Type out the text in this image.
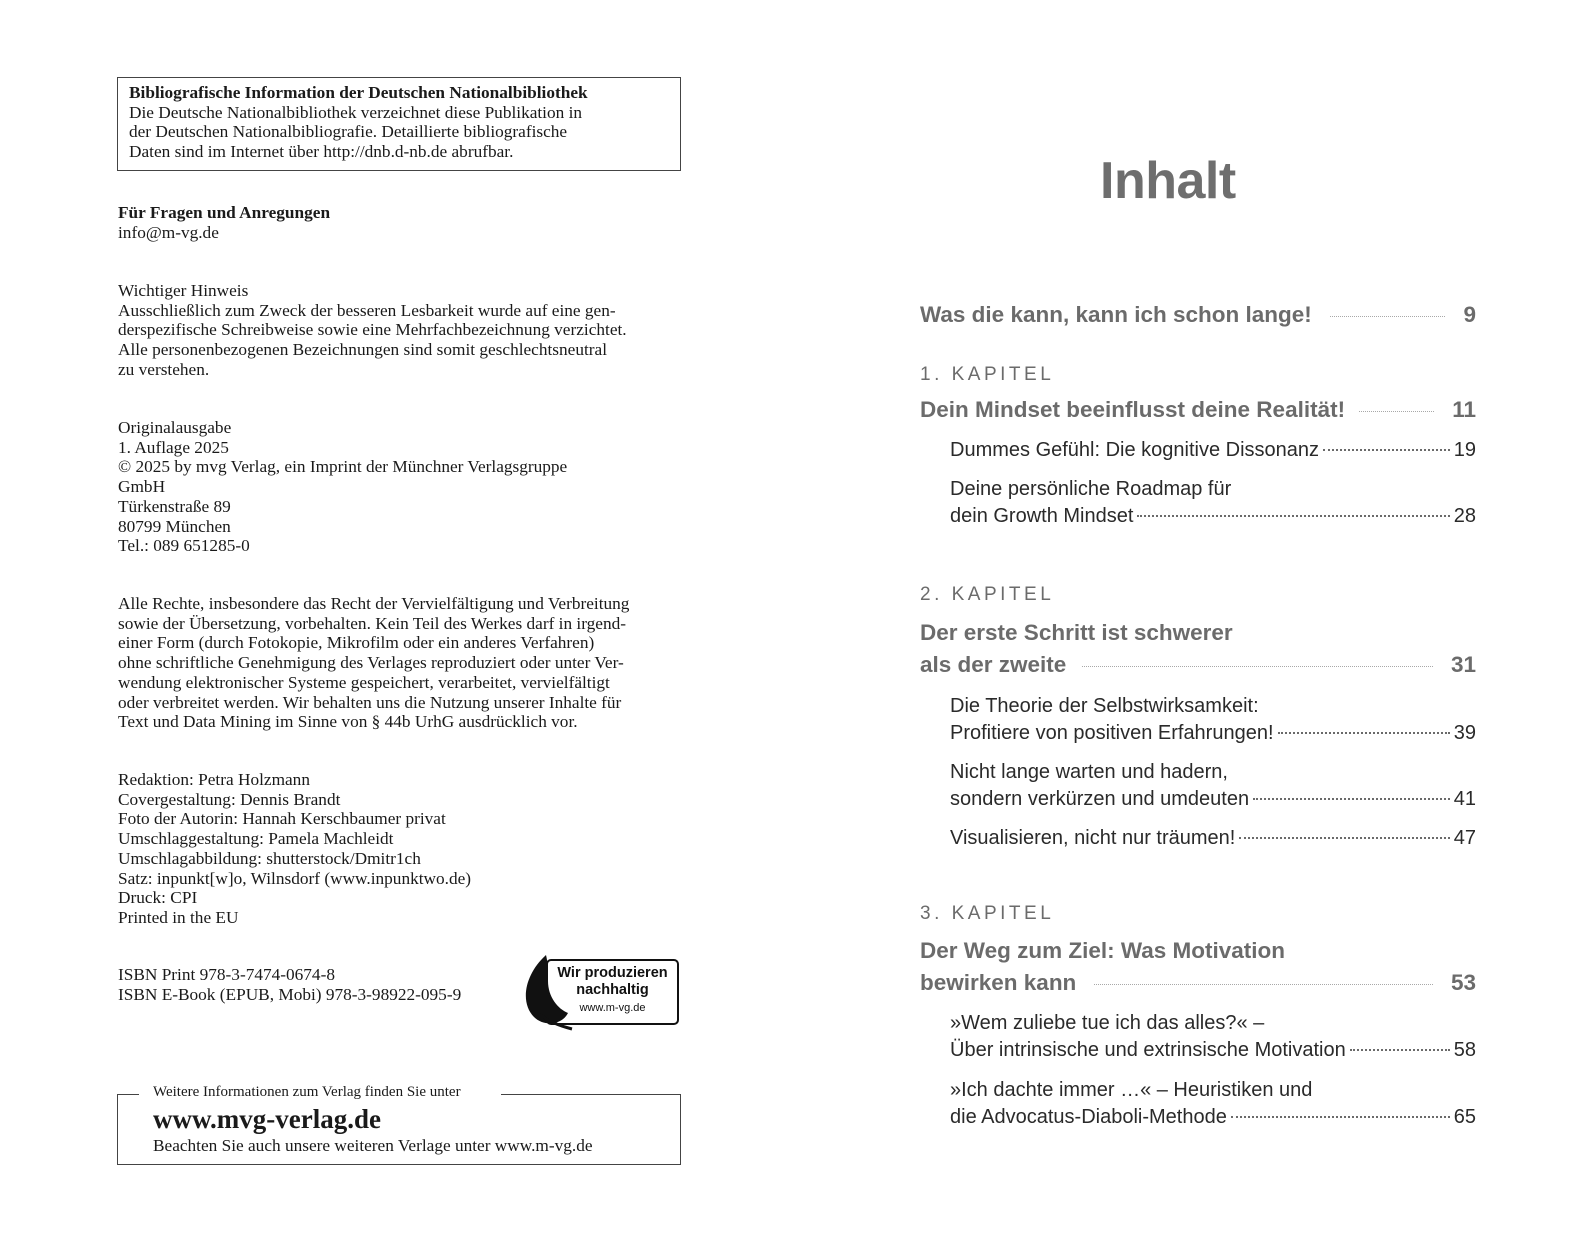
Bibliografische Information der Deutschen Nationalbibliothek
Die Deutsche Nationalbibliothek verzeichnet diese Publikation in
der Deutschen Nationalbibliografie. Detaillierte bibliografische
Daten sind im Internet über http://dnb.d-nb.de abrufbar.
Für Fragen und Anregungen
info@m-vg.de
Wichtiger Hinweis
Ausschließlich zum Zweck der besseren Lesbarkeit wurde auf eine gen-
derspezifische Schreibweise sowie eine Mehrfachbezeichnung verzichtet.
Alle personenbezogenen Bezeichnungen sind somit geschlechtsneutral
zu verstehen.
Originalausgabe
1. Auflage 2025
© 2025 by mvg Verlag, ein Imprint der Münchner Verlagsgruppe
GmbH
Türkenstraße 89
80799 München
Tel.: 089 651285-0
Alle Rechte, insbesondere das Recht der Vervielfältigung und Verbreitung
sowie der Übersetzung, vorbehalten. Kein Teil des Werkes darf in irgend-
einer Form (durch Fotokopie, Mikrofilm oder ein anderes Verfahren)
ohne schriftliche Genehmigung des Verlages reproduziert oder unter Ver-
wendung elektronischer Systeme gespeichert, verarbeitet, vervielfältigt
oder verbreitet werden. Wir behalten uns die Nutzung unserer Inhalte für
Text und Data Mining im Sinne von § 44b UrhG ausdrücklich vor.
Redaktion: Petra Holzmann
Covergestaltung: Dennis Brandt
Foto der Autorin: Hannah Kerschbaumer privat
Umschlaggestaltung: Pamela Machleidt
Umschlagabbildung: shutterstock/Dmitr1ch
Satz: inpunkt[w]o, Wilnsdorf (www.inpunktwo.de)
Druck: CPI
Printed in the EU
ISBN Print 978-3-7474-0674-8
ISBN E-Book (EPUB, Mobi) 978-3-98922-095-9
Wir produzieren
nachhaltig
www.m-vg.de
Weitere Informationen zum Verlag finden Sie unter
www.mvg-verlag.de
Beachten Sie auch unsere weiteren Verlage unter www.m-vg.de
Inhalt
Was die kann, kann ich schon lange!	9
1. KAPITEL
Dein Mindset beeinflusst deine Realität!	11
Dummes Gefühl: Die kognitive Dissonanz	19
Deine persönliche Roadmap für
dein Growth Mindset	28
2. KAPITEL
Der erste Schritt ist schwerer
als der zweite	31
Die Theorie der Selbstwirksamkeit:
Profitiere von positiven Erfahrungen!	39
Nicht lange warten und hadern,
sondern verkürzen und umdeuten	41
Visualisieren, nicht nur träumen!	47
3. KAPITEL
Der Weg zum Ziel: Was Motivation
bewirken kann	53
»Wem zuliebe tue ich das alles?« –
Über intrinsische und extrinsische Motivation	58
»Ich dachte immer …« – Heuristiken und
die Advocatus-Diaboli-Methode	65
